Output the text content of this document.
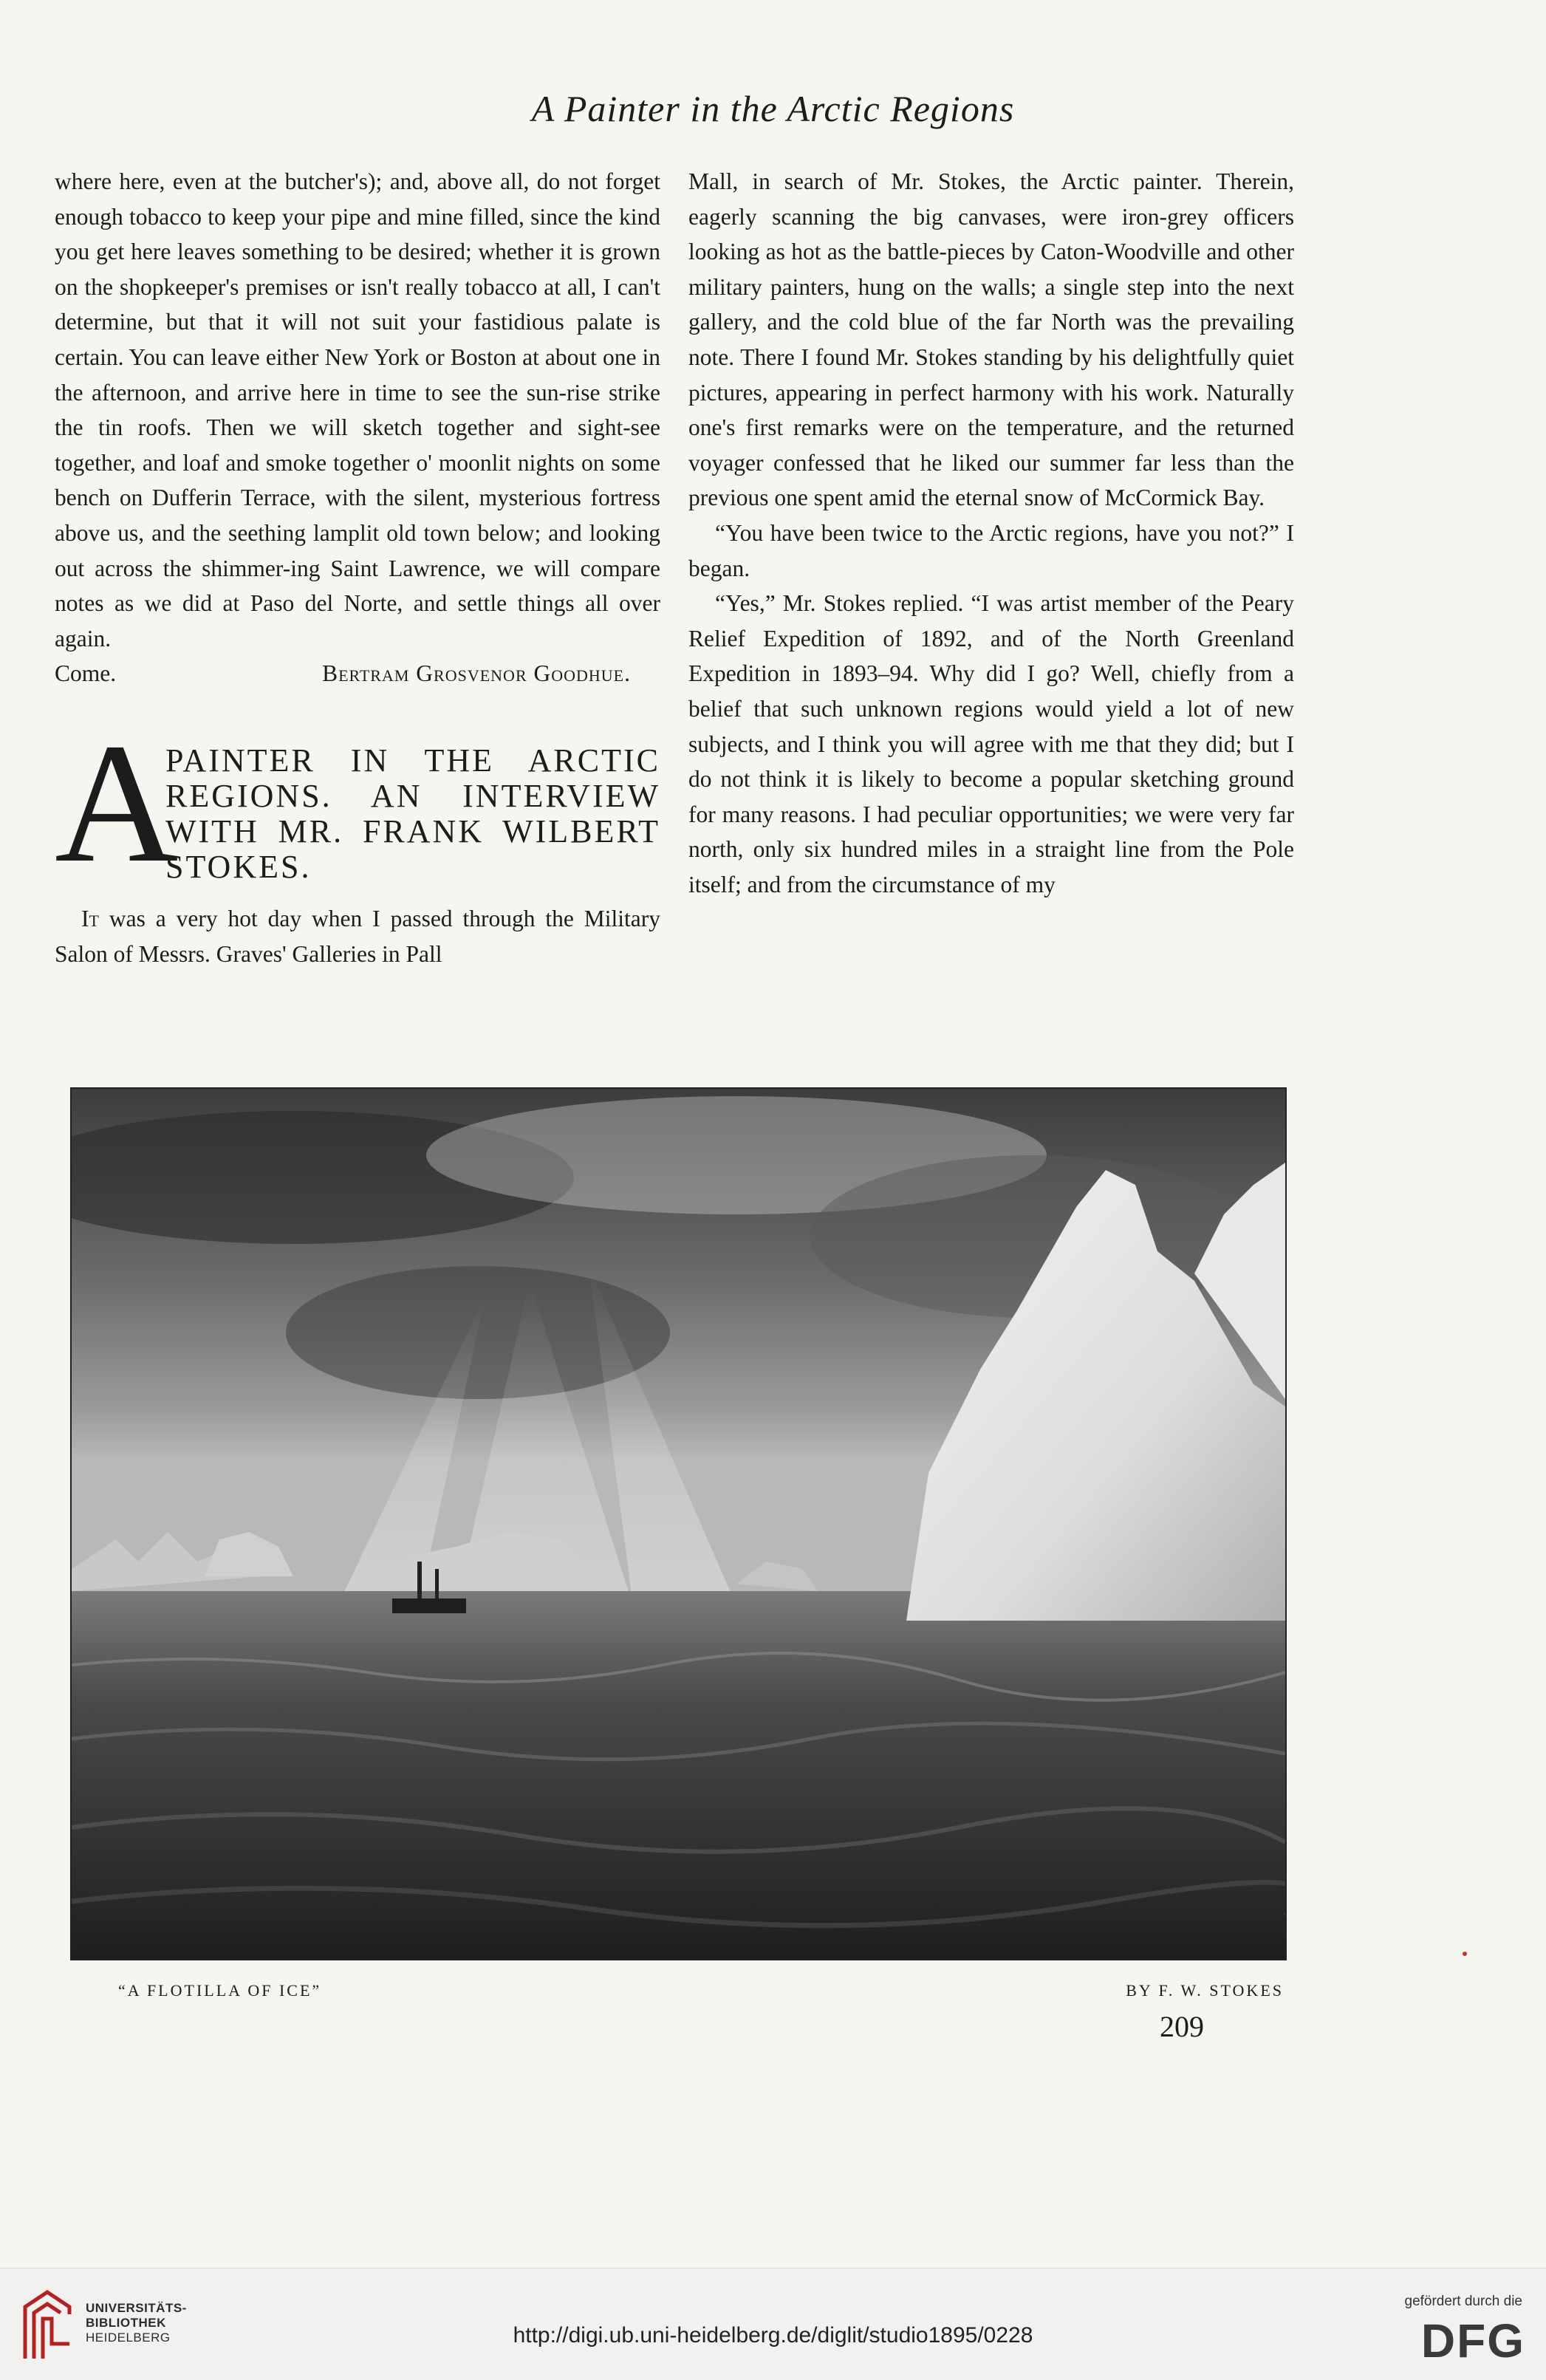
A Painter in the Arctic Regions

where here, even at the butcher's); and, above all, do not forget enough tobacco to keep your pipe and mine filled, since the kind you get here leaves something to be desired; whether it is grown on the shopkeeper's premises or isn't really tobacco at all, I can't determine, but that it will not suit your fastidious palate is certain. You can leave either New York or Boston at about one in the afternoon, and arrive here in time to see the sun-rise strike the tin roofs. Then we will sketch together and sight-see together, and loaf and smoke together o' moonlit nights on some bench on Dufferin Terrace, with the silent, mysterious fortress above us, and the seething lamplit old town below; and looking out across the shimmer-ing Saint Lawrence, we will compare notes as we did at Paso del Norte, and settle things all over again.

Come.	Bertram Grosvenor Goodhue.
A
PAINTER IN THE ARCTIC REGIONS. AN INTERVIEW WITH MR. FRANK WILBERT STOKES.

It was a very hot day when I passed through the Military Salon of Messrs. Graves' Galleries in Pall

Mall, in search of Mr. Stokes, the Arctic painter. Therein, eagerly scanning the big canvases, were iron-grey officers looking as hot as the battle-pieces by Caton-Woodville and other military painters, hung on the walls; a single step into the next gallery, and the cold blue of the far North was the prevailing note. There I found Mr. Stokes standing by his delightfully quiet pictures, appearing in perfect harmony with his work. Naturally one's first remarks were on the temperature, and the returned voyager confessed that he liked our summer far less than the previous one spent amid the eternal snow of McCormick Bay.

“You have been twice to the Arctic regions, have you not?” I began.

“Yes,” Mr. Stokes replied. “I was artist member of the Peary Relief Expedition of 1892, and of the North Greenland Expedition in 1893–94. Why did I go? Well, chiefly from a belief that such unknown regions would yield a lot of new subjects, and I think you will agree with me that they did; but I do not think it is likely to become a popular sketching ground for many reasons. I had peculiar opportunities; we were very far north, only six hundred miles in a straight line from the Pole itself; and from the circumstance of my

“A FLOTILLA OF ICE”	BY F. W. STOKES
209
UNIVERSITÄTS-
BIBLIOTHEK
HEIDELBERG	http://digi.ub.uni-heidelberg.de/diglit/studio1895/0228
gefördert durch die
DFG
